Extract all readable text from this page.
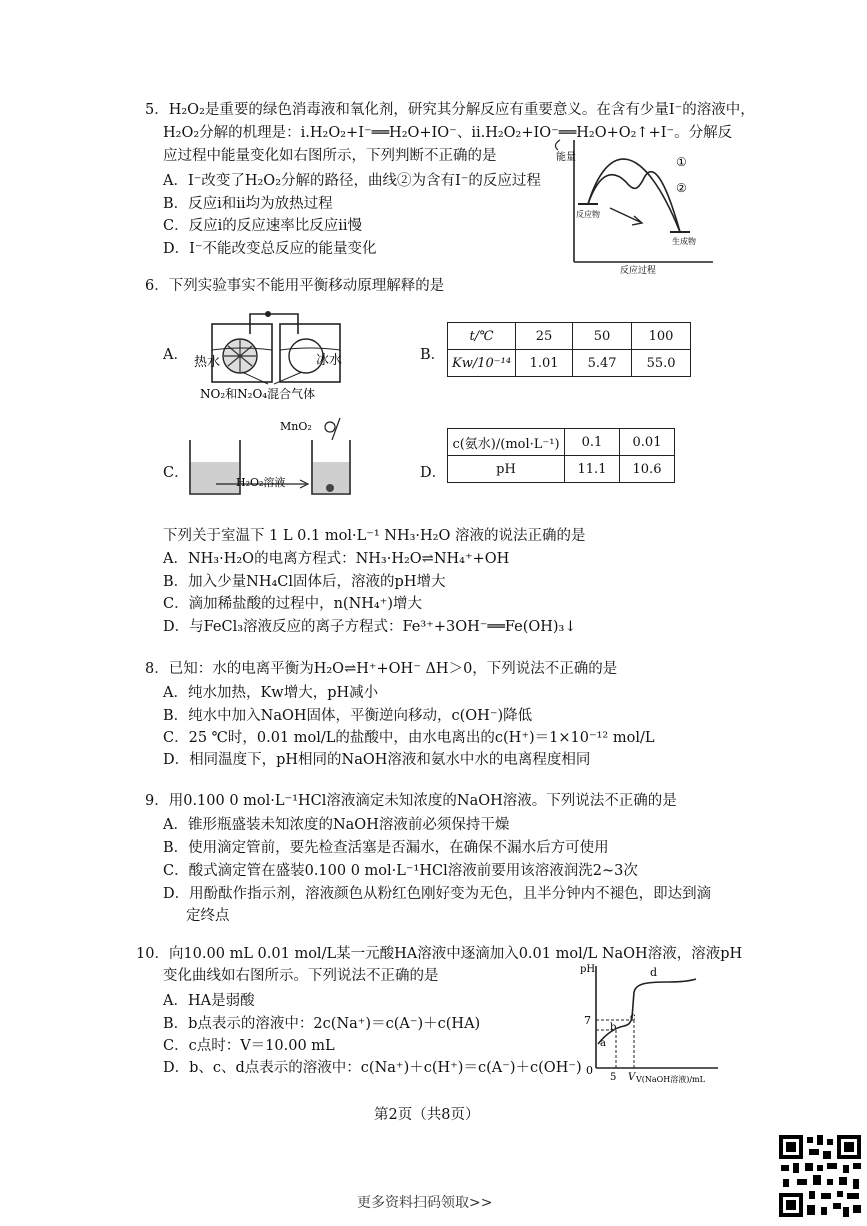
5．H₂O₂是重要的绿色消毒液和氧化剂，研究其分解反应有重要意义。在含有少量I⁻的溶液中，
H₂O₂分解的机理是：ⅰ.H₂O₂+I⁻══H₂O+IO⁻、ⅱ.H₂O₂+IO⁻══H₂O+O₂↑+I⁻。分解反
应过程中能量变化如右图所示，下列判断不正确的是
A．I⁻改变了H₂O₂分解的路径，曲线②为含有I⁻的反应过程
B．反应ⅰ和ⅱ均为放热过程
C．反应ⅰ的反应速率比反应ⅱ慢
D．I⁻不能改变总反应的能量变化
能量	①
②
反应物
生成物
反应过程
6．下列实验事实不能用平衡移动原理解释的是
A． 热水	冰水
NO₂和N₂O₄混合气体
B．
t/℃	25	50	100
Kw/10⁻¹⁴	1.01	5.47	55.0
C．
MnO₂
H₂O₂溶液
D．
c(氨水)/(mol·L⁻¹)	0.1	0.01
pH	11.1	10.6
下列关于室温下 1 L 0.1 mol·L⁻¹ NH₃·H₂O 溶液的说法正确的是
A．NH₃·H₂O的电离方程式：NH₃·H₂O⇌NH₄⁺+OH
B．加入少量NH₄Cl固体后，溶液的pH增大
C．滴加稀盐酸的过程中，n(NH₄⁺)增大
D．与FeCl₃溶液反应的离子方程式：Fe³⁺+3OH⁻══Fe(OH)₃↓
8．已知：水的电离平衡为H₂O⇌H⁺+OH⁻ ΔH＞0，下列说法不正确的是
A．纯水加热，Kw增大，pH减小
B．纯水中加入NaOH固体，平衡逆向移动，c(OH⁻)降低
C．25 ℃时，0.01 mol/L的盐酸中，由水电离出的c(H⁺)＝1×10⁻¹² mol/L
D．相同温度下，pH相同的NaOH溶液和氨水中水的电离程度相同
9．用0.100 0 mol·L⁻¹HCl溶液滴定未知浓度的NaOH溶液。下列说法不正确的是
A．锥形瓶盛装未知浓度的NaOH溶液前必须保持干燥
B．使用滴定管前，要先检查活塞是否漏水，在确保不漏水后方可使用
C．酸式滴定管在盛装0.100 0 mol·L⁻¹HCl溶液前要用该溶液润洗2~3次
D．用酚酞作指示剂，溶液颜色从粉红色刚好变为无色，且半分钟内不褪色，即达到滴
定终点
10．向10.00 mL 0.01 mol/L某一元酸HA溶液中逐滴加入0.01 mol/L NaOH溶液，溶液pH
变化曲线如右图所示。下列说法不正确的是
A．HA是弱酸
B．b点表示的溶液中：2c(Na⁺)＝c(A⁻)＋c(HA)
C．c点时：V＝10.00 mL
D．b、c、d点表示的溶液中：c(Na⁺)＋c(H⁺)＝c(A⁻)＋c(OH⁻)
pH
7
0
a
b
c
d
5 V V(NaOH溶液)/mL
第2页（共8页）
更多资料扫码领取>>
